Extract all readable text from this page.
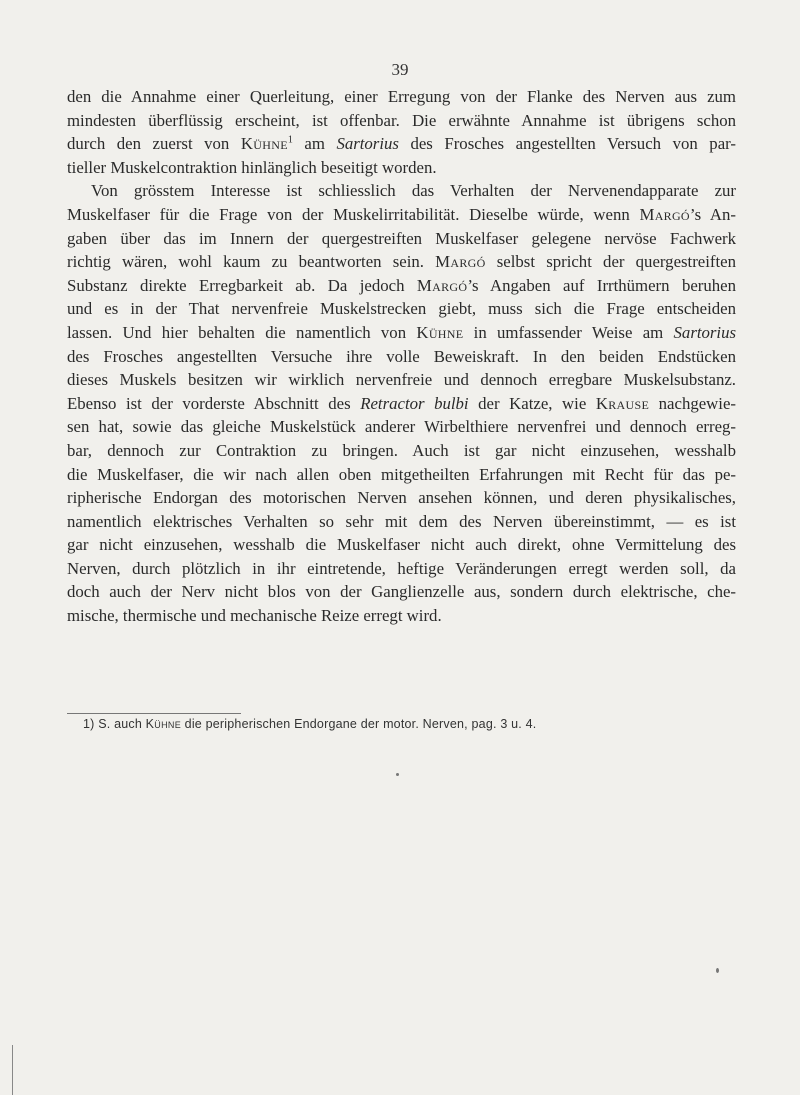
39
den die Annahme einer Querleitung, einer Erregung von der Flanke des Nerven aus zum
mindesten überflüssig erscheint, ist offenbar. Die erwähnte Annahme ist übrigens schon
durch den zuerst von Kühne$^1$ am Sartorius des Frosches angestellten Versuch von par-
tieller Muskelcontraktion hinlänglich beseitigt worden.
Von grösstem Interesse ist schliesslich das Verhalten der Nervenendapparate zur
Muskelfaser für die Frage von der Muskelirritabilität. Dieselbe würde, wenn Margó’s An-
gaben über das im Innern der quergestreiften Muskelfaser gelegene nervöse Fachwerk
richtig wären, wohl kaum zu beantworten sein. Margó selbst spricht der quergestreiften
Substanz direkte Erregbarkeit ab. Da jedoch Margó’s Angaben auf Irrthümern beruhen
und es in der That nervenfreie Muskelstrecken giebt, muss sich die Frage entscheiden
lassen. Und hier behalten die namentlich von Kühne in umfassender Weise am Sartorius
des Frosches angestellten Versuche ihre volle Beweiskraft. In den beiden Endstücken
dieses Muskels besitzen wir wirklich nervenfreie und dennoch erregbare Muskelsubstanz.
Ebenso ist der vorderste Abschnitt des Retractor bulbi der Katze, wie Krause nachgewie-
sen hat, sowie das gleiche Muskelstück anderer Wirbelthiere nervenfrei und dennoch erreg-
bar, dennoch zur Contraktion zu bringen. Auch ist gar nicht einzusehen, wesshalb
die Muskelfaser, die wir nach allen oben mitgetheilten Erfahrungen mit Recht für das pe-
ripherische Endorgan des motorischen Nerven ansehen können, und deren physikalisches,
namentlich elektrisches Verhalten so sehr mit dem des Nerven übereinstimmt, — es ist
gar nicht einzusehen, wesshalb die Muskelfaser nicht auch direkt, ohne Vermittelung des
Nerven, durch plötzlich in ihr eintretende, heftige Veränderungen erregt werden soll, da
doch auch der Nerv nicht blos von der Ganglienzelle aus, sondern durch elektrische, che-
mische, thermische und mechanische Reize erregt wird.
1) S. auch Kühne die peripherischen Endorgane der motor. Nerven, pag. 3 u. 4.
